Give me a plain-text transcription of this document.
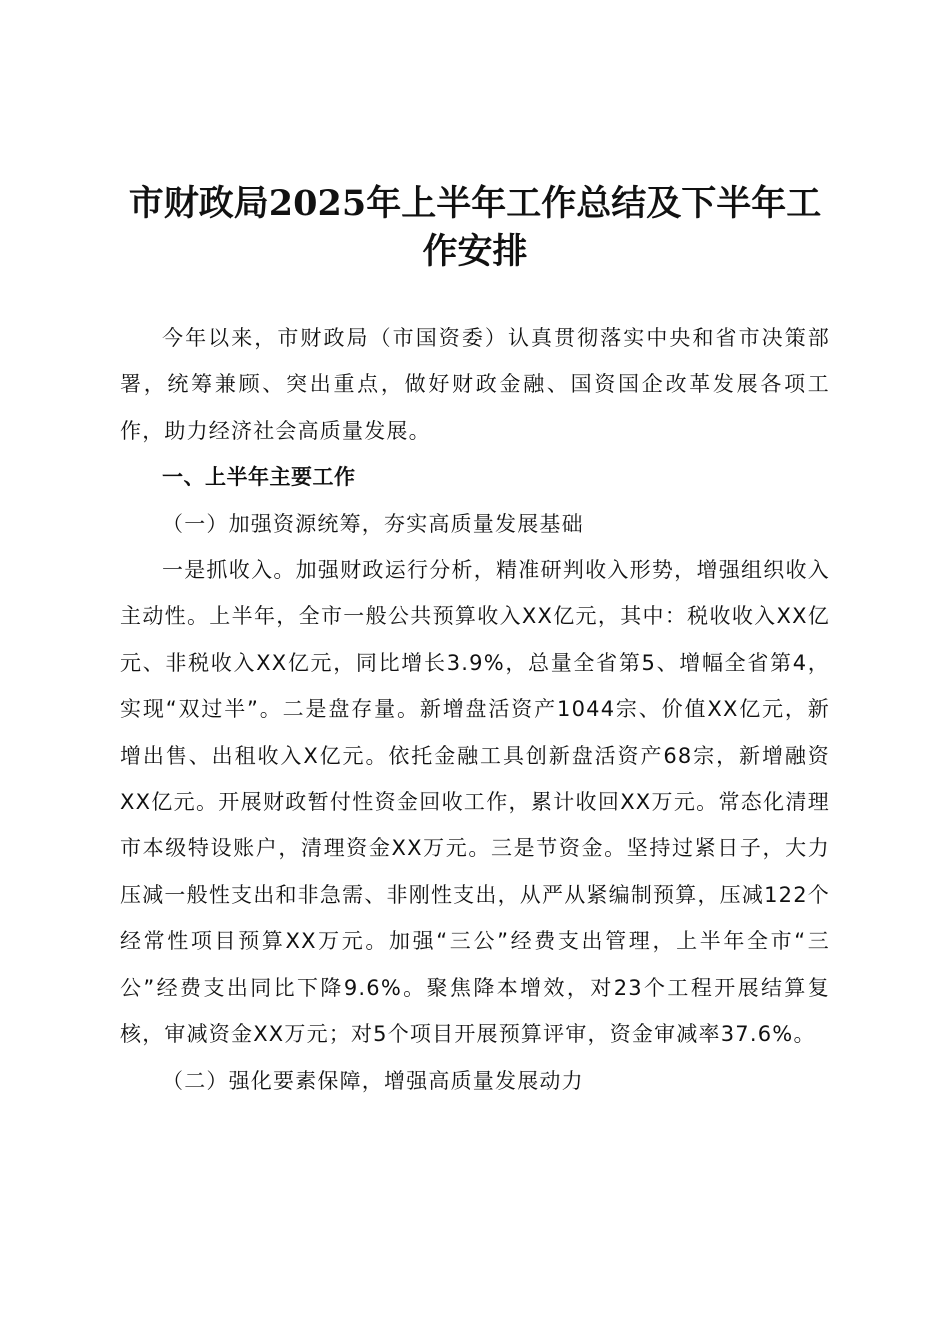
市财政局2025年上半年工作总结及下半年工
作安排

今年以来，市财政局（市国资委）认真贯彻落实中央和省市决策部署，统筹兼顾、突出重点，做好财政金融、国资国企改革发展各项工作，助力经济社会高质量发展。

一、上半年主要工作

（一）加强资源统筹，夯实高质量发展基础

一是抓收入。加强财政运行分析，精准研判收入形势，增强组织收入主动性。上半年，全市一般公共预算收入XX亿元，其中：税收收入XX亿元、非税收入XX亿元，同比增长3.9%，总量全省第5、增幅全省第4，实现“双过半”。二是盘存量。新增盘活资产1044宗、价值XX亿元，新增出售、出租收入X亿元。依托金融工具创新盘活资产68宗，新增融资XX亿元。开展财政暂付性资金回收工作，累计收回XX万元。常态化清理市本级特设账户，清理资金XX万元。三是节资金。坚持过紧日子，大力压减一般性支出和非急需、非刚性支出，从严从紧编制预算，压减122个经常性项目预算XX万元。加强“三公”经费支出管理，上半年全市“三公”经费支出同比下降9.6%。聚焦降本增效，对23个工程开展结算复核，审减资金XX万元；对5个项目开展预算评审，资金审减率37.6%。

（二）强化要素保障，增强高质量发展动力
